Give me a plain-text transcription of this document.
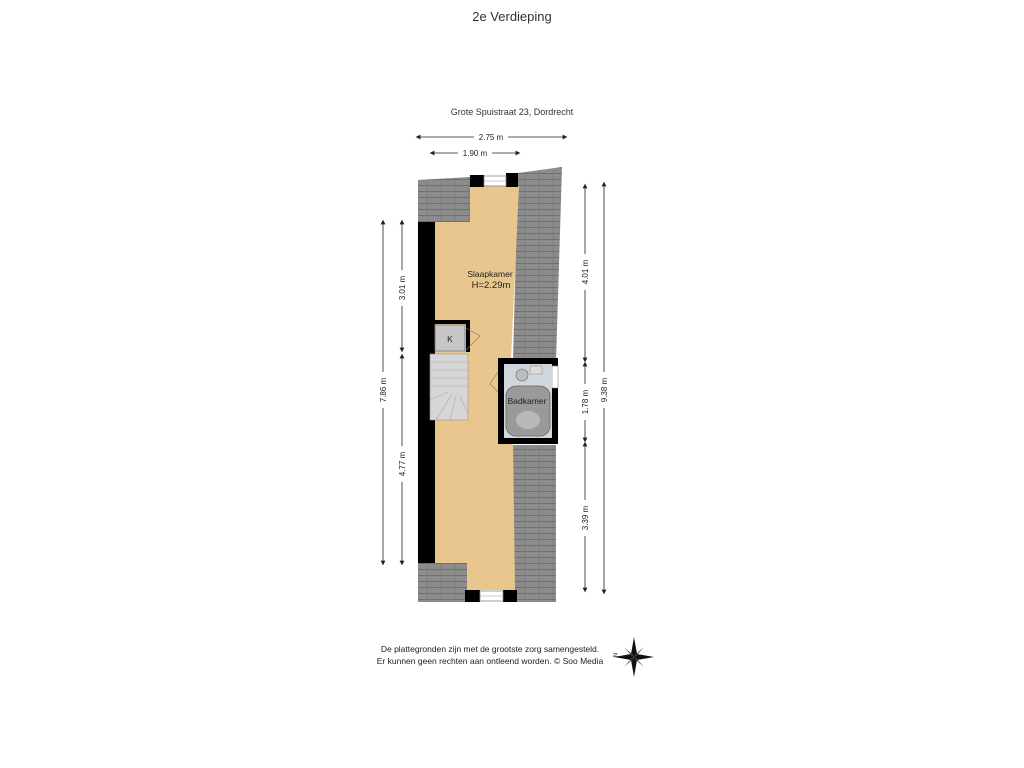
2e Verdieping
Grote Spuistraat 23, Dordrecht
K
Slaapkamer
H=2.29m
Badkamer
2.75 m
1.90 m
7.86 m
3.01 m
4.77 m
4.01 m
1.78 m
3.39 m
9.38 m
N
De plattegronden zijn met de grootste zorg samengesteld.
Er kunnen geen rechten aan ontleend worden. © Soo Media
